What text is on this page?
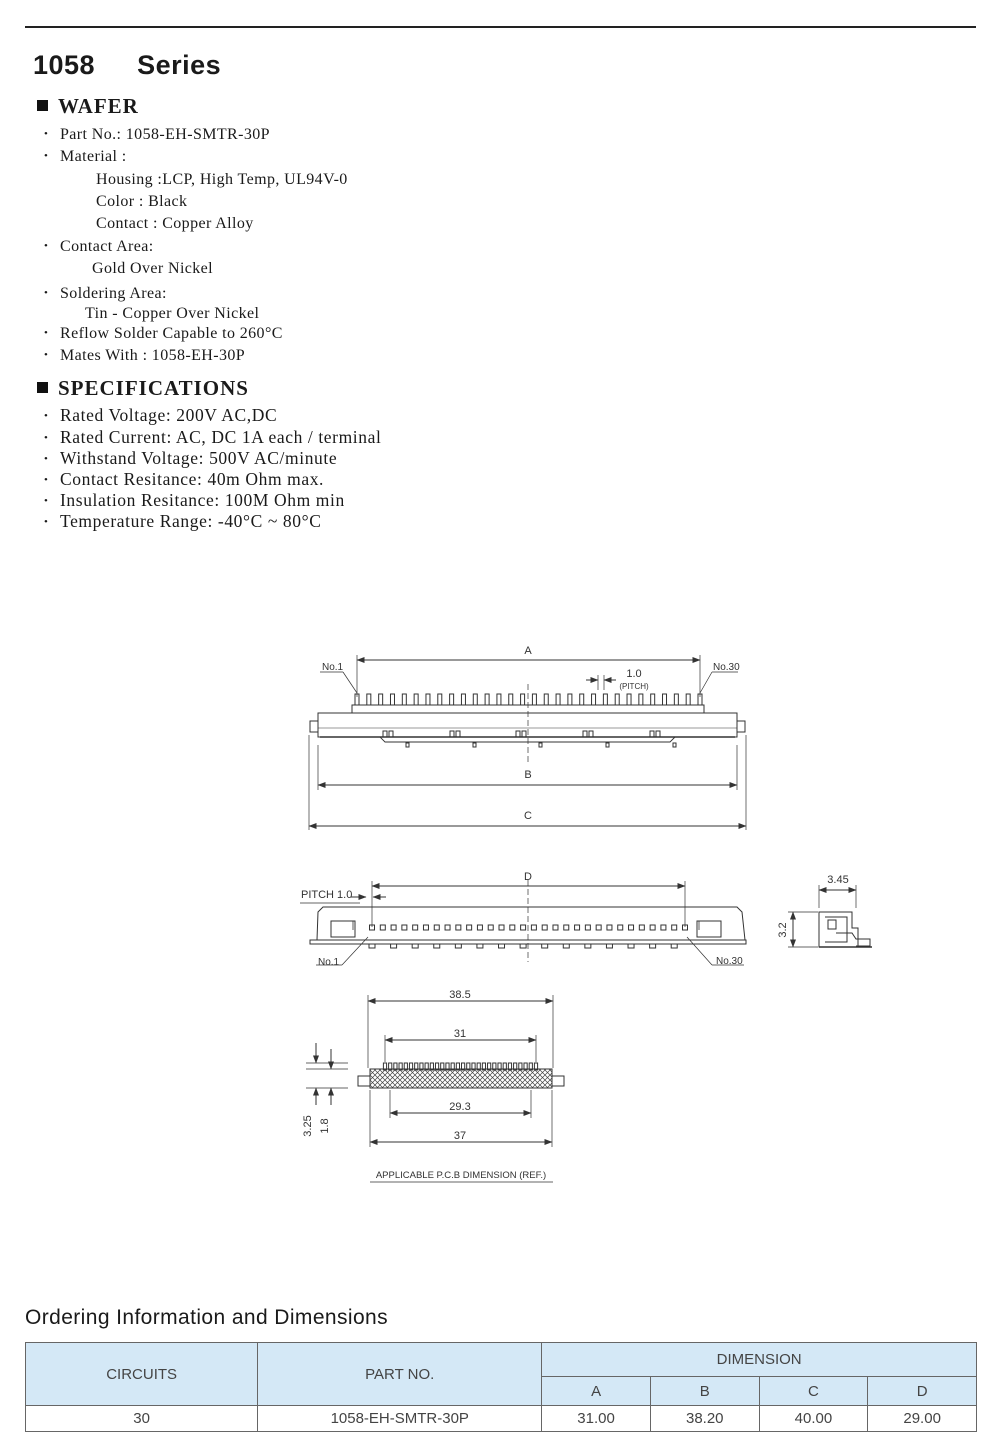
1058 Series
WAFER
• Part No.: 1058-EH-SMTR-30P
• Material :
Housing :LCP, High Temp, UL94V-0
Color : Black
Contact : Copper Alloy
• Contact Area:
Gold Over Nickel
• Soldering Area:
Tin - Copper Over Nickel
• Reflow Solder Capable to 260°C
• Mates With : 1058-EH-30P
SPECIFICATIONS
• Rated Voltage: 200V AC,DC
• Rated Current: AC, DC 1A each / terminal
• Withstand Voltage: 500V AC/minute
• Contact Resitance: 40m Ohm max.
• Insulation Resitance: 100M Ohm min
• Temperature Range: -40°C ~ 80°C
A
No.1	No.30
1.0
(PITCH)
B
C
D
PITCH 1.0
No.1	No.30
3.45
3.2
38.5
31
29.3
37
3.25 1.8
APPLICABLE P.C.B DIMENSION (REF.)
Ordering Information and Dimensions
CIRCUITS	PART NO.	DIMENSION			
		A	B	C	D
30	1058-EH-SMTR-30P	31.00	38.20	40.00	29.00
